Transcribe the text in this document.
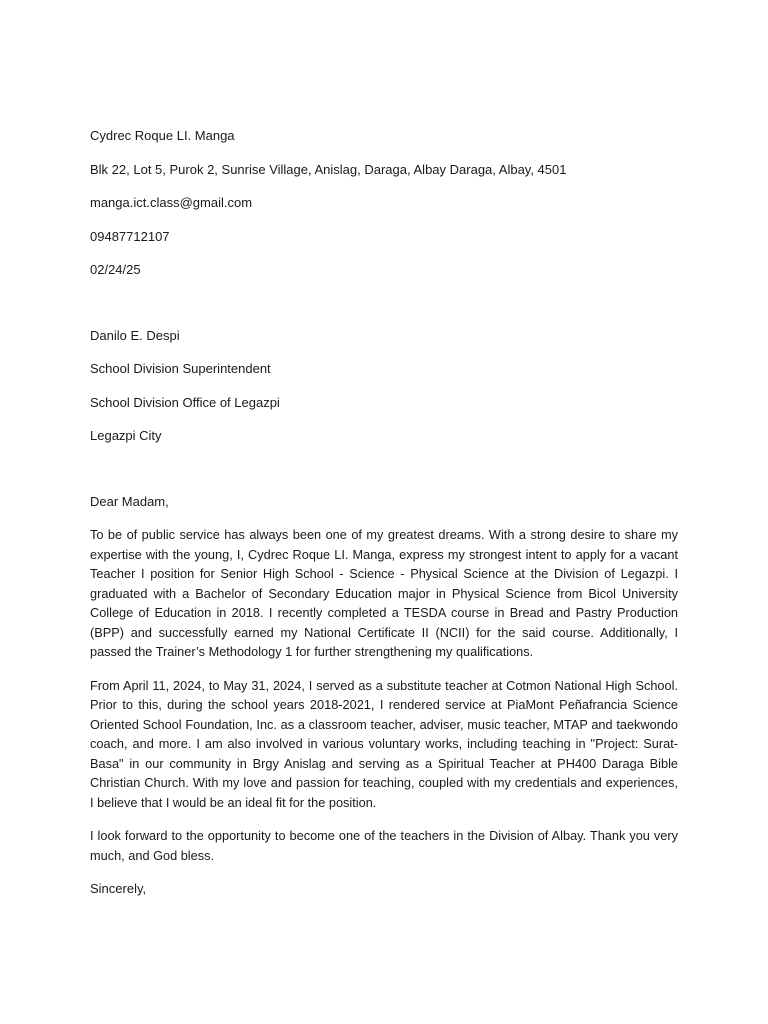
Cydrec Roque LI. Manga

Blk 22, Lot 5, Purok 2, Sunrise Village, Anislag, Daraga, Albay Daraga, Albay, 4501

manga.ict.class@gmail.com

09487712107

02/24/25

Danilo E. Despi

School Division Superintendent

School Division Office of Legazpi

Legazpi City

Dear Madam,

To be of public service has always been one of my greatest dreams. With a strong desire to share my expertise with the young, I, Cydrec Roque LI. Manga, express my strongest intent to apply for a vacant Teacher I position for Senior High School - Science - Physical Science at the Division of Legazpi. I graduated with a Bachelor of Secondary Education major in Physical Science from Bicol University College of Education in 2018. I recently completed a TESDA course in Bread and Pastry Production (BPP) and successfully earned my National Certificate II (NCII) for the said course. Additionally, I passed the Trainer’s Methodology 1 for further strengthening my qualifications.

From April 11, 2024, to May 31, 2024, I served as a substitute teacher at Cotmon National High School. Prior to this, during the school years 2018-2021, I rendered service at PiaMont Peñafrancia Science Oriented School Foundation, Inc. as a classroom teacher, adviser, music teacher, MTAP and taekwondo coach, and more. I am also involved in various voluntary works, including teaching in "Project: Surat-Basa" in our community in Brgy Anislag and serving as a Spiritual Teacher at PH400 Daraga Bible Christian Church. With my love and passion for teaching, coupled with my credentials and experiences, I believe that I would be an ideal fit for the position.

I look forward to the opportunity to become one of the teachers in the Division of Albay. Thank you very much, and God bless.

Sincerely,
